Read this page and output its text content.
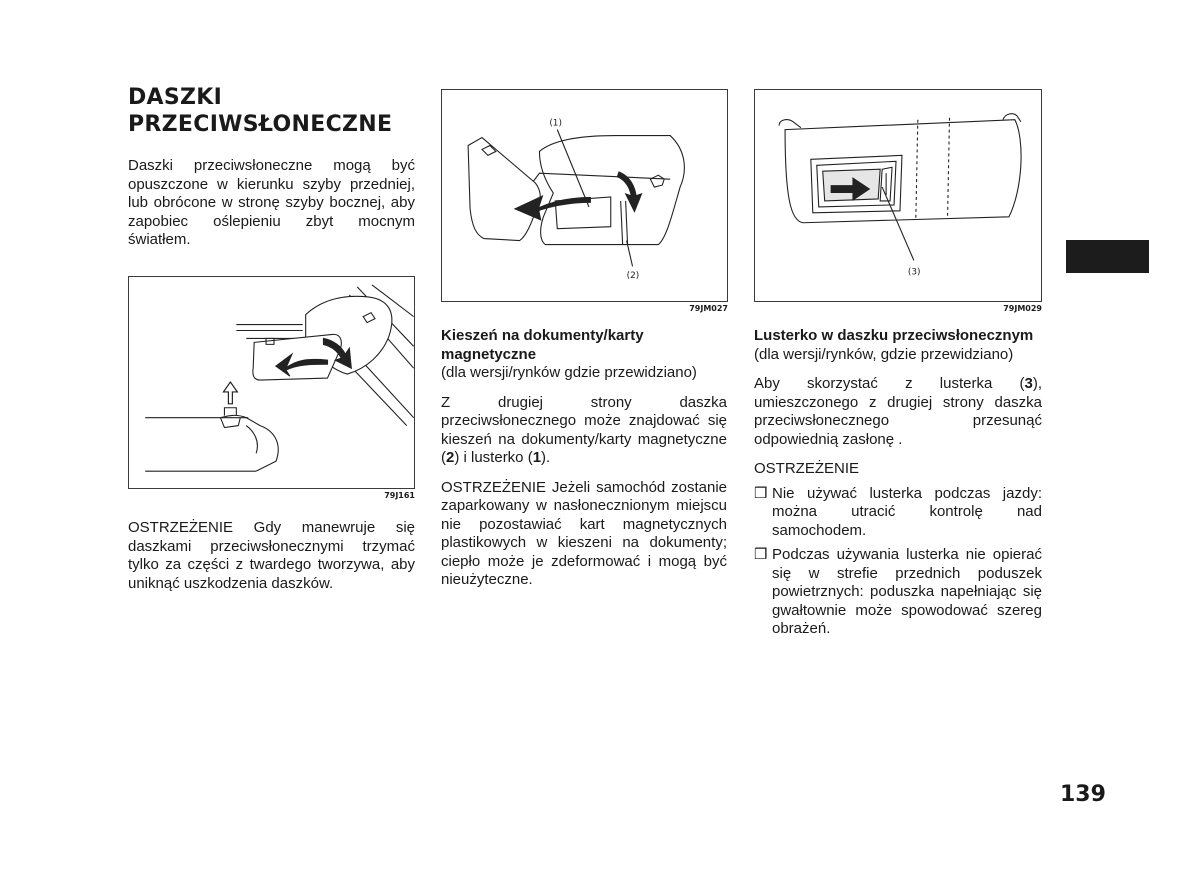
DASZKI
PRZECIWSŁONECZNE

Daszki przeciwsłoneczne mogą być opuszczone w kierunku szyby przedniej, lub obrócone w stronę szyby bocznej, aby zapobiec oślepieniu zbyt mocnym światłem.

79J161

OSTRZEŻENIE Gdy manewruje się daszkami przeciwsłonecznymi trzymać tylko za części z twardego tworzywa, aby uniknąć uszkodzenia daszków.

(1)
(2)
79JM027

Kieszeń na dokumenty/karty magnetyczne

(dla wersji/rynków gdzie przewidziano)

Z drugiej strony daszka przeciwsłonecznego może znajdować się kieszeń na dokumenty/karty magnetyczne (2) i lusterko (1).

OSTRZEŻENIE Jeżeli samochód zostanie zaparkowany w nasłonecznionym miejscu nie pozostawiać kart magnetycznych plastikowych w kieszeni na dokumenty; ciepło może je zdeformować i mogą być nieużyteczne.

(3)
79JM029

Lusterko w daszku przeciwsłonecznym

(dla wersji/rynków, gdzie przewidziano)

Aby skorzystać z lusterka (3), umieszczonego z drugiej strony daszka przeciwsłonecznego przesunąć odpowiednią zasłonę .

OSTRZEŻENIE

❒ Nie używać lusterka podczas jazdy: można utracić kontrolę nad samochodem.
❒ Podczas używania lusterka nie opierać się w strefie przednich poduszek powietrznych: poduszka napełniając się gwałtownie może spowodować szereg obrażeń.
139
